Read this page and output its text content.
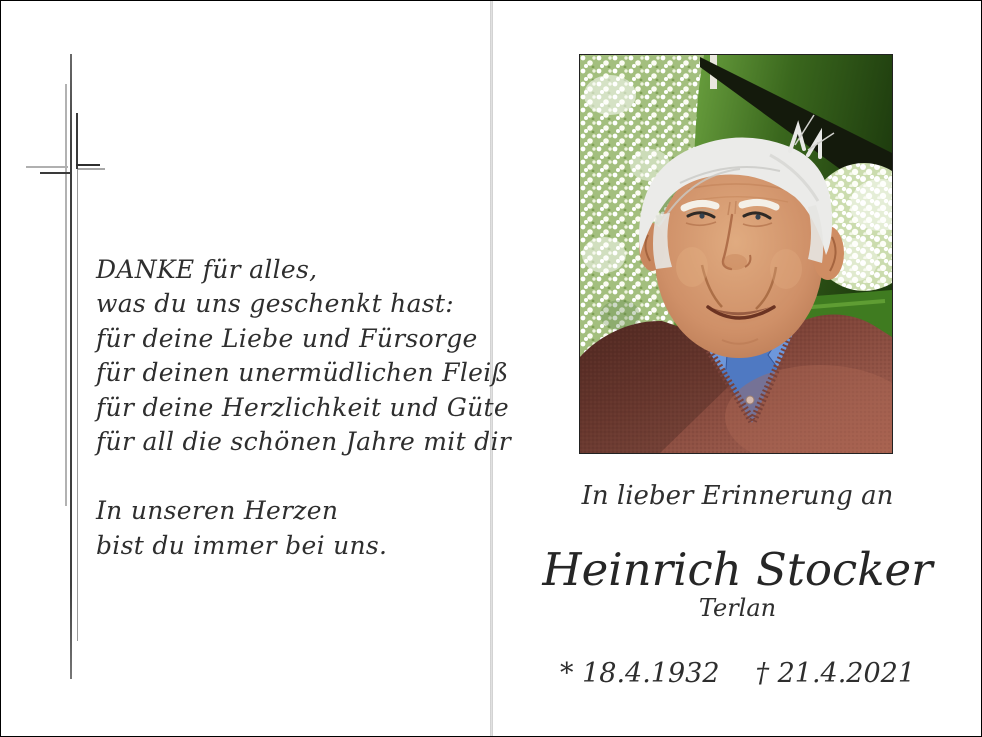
DANKE für alles,
was du uns geschenkt hast:
für deine Liebe und Fürsorge
für deinen unermüdlichen Fleiß
für deine Herzlichkeit und Güte
für all die schönen Jahre mit dir
In unseren Herzen
bist du immer bei uns.
In lieber Erinnerung an
Heinrich Stocker
Terlan
* 18.4.1932 † 21.4.2021
